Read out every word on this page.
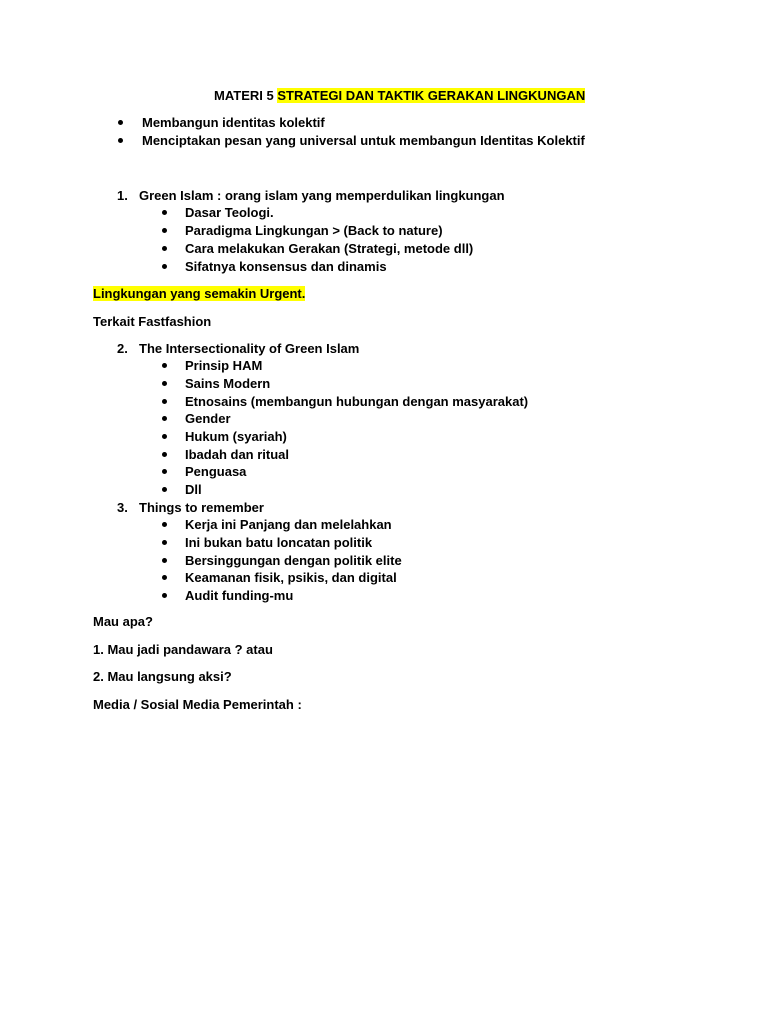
MATERI 5 STRATEGI DAN TAKTIK GERAKAN LINGKUNGAN
Membangun identitas kolektif
Menciptakan pesan yang universal untuk membangun Identitas Kolektif
1. Green Islam : orang islam yang memperdulikan lingkungan
Dasar Teologi.
Paradigma Lingkungan > (Back to nature)
Cara melakukan Gerakan (Strategi, metode dll)
Sifatnya konsensus dan dinamis
Lingkungan yang semakin Urgent.
Terkait Fastfashion
2. The Intersectionality of Green Islam
Prinsip HAM
Sains Modern
Etnosains (membangun hubungan dengan masyarakat)
Gender
Hukum (syariah)
Ibadah dan ritual
Penguasa
Dll
3. Things to remember
Kerja ini Panjang dan melelahkan
Ini bukan batu loncatan politik
Bersinggungan dengan politik elite
Keamanan fisik, psikis, dan digital
Audit funding-mu
Mau apa?
1. Mau jadi pandawara ? atau
2. Mau langsung aksi?
Media / Sosial Media Pemerintah :
